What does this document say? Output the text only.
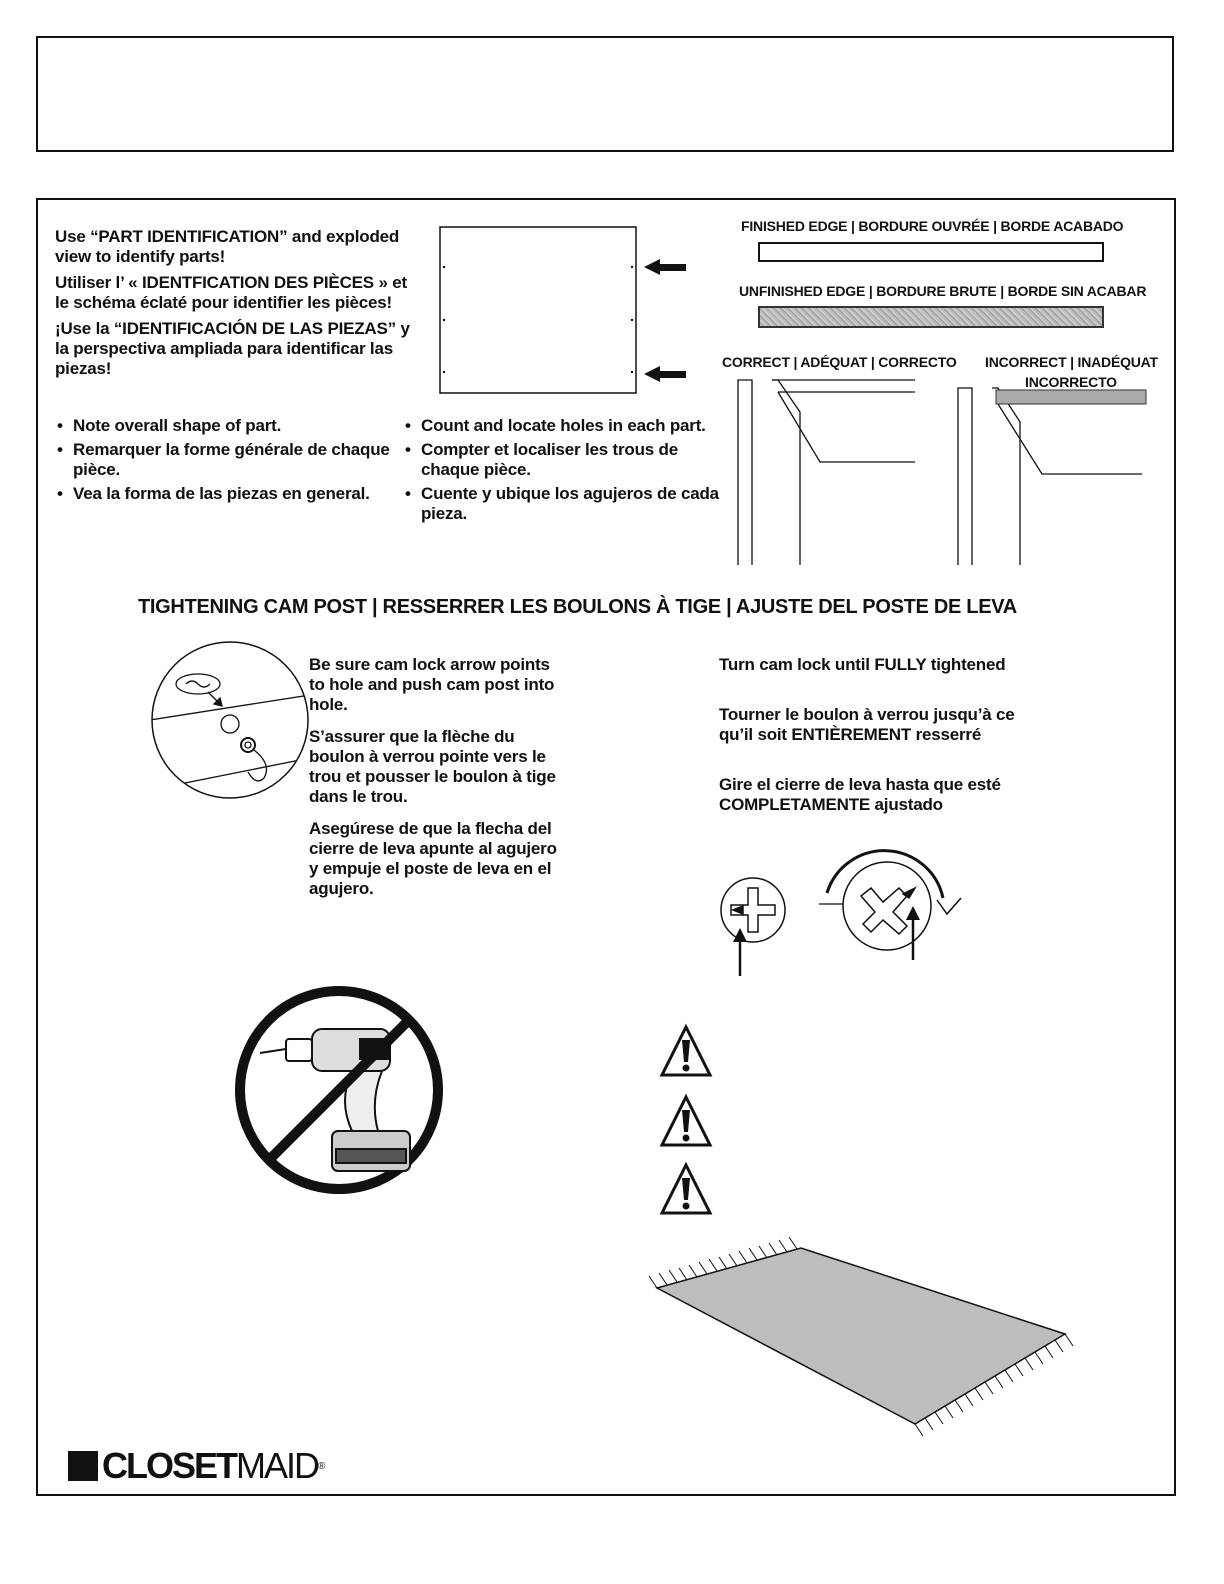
Use “PART IDENTIFICATION” and exploded view to identify parts!

Utiliser l’ « IDENTFICATION DES PIÈCES » et le schéma éclaté pour identifier les pièces!

¡Use la “IDENTIFICACIÓN DE LAS PIEZAS” y la perspectiva ampliada para identificar las piezas!

• Note overall shape of part.
• Remarquer la forme générale de chaque pièce.
• Vea la forma de las piezas en general.
• Count and locate holes in each part.
• Compter et localiser les trous de chaque pièce.
• Cuente y ubique los agujeros de cada pieza.
FINISHED EDGE | BORDURE OUVRÉE | BORDE ACABADO
UNFINISHED EDGE | BORDURE BRUTE | BORDE SIN ACABAR
CORRECT | ADÉQUAT | CORRECTO INCORRECT | INADÉQUAT
INCORRECTO
TIGHTENING CAM POST | RESSERRER LES BOULONS À TIGE | AJUSTE DEL POSTE DE LEVA

Be sure cam lock arrow points to hole and push cam post into hole.

S’assurer que la flèche du boulon à verrou pointe vers le trou et pousser le boulon à tige dans le trou.

Asegúrese de que la flecha del cierre de leva apunte al agujero y empuje el poste de leva en el agujero.

Turn cam lock until FULLY tightened

Tourner le boulon à verrou jusqu’à ce qu’il soit ENTIÈREMENT resserré

Gire el cierre de leva hasta que esté COMPLETAMENTE ajustado

CLOSET MAID ®
